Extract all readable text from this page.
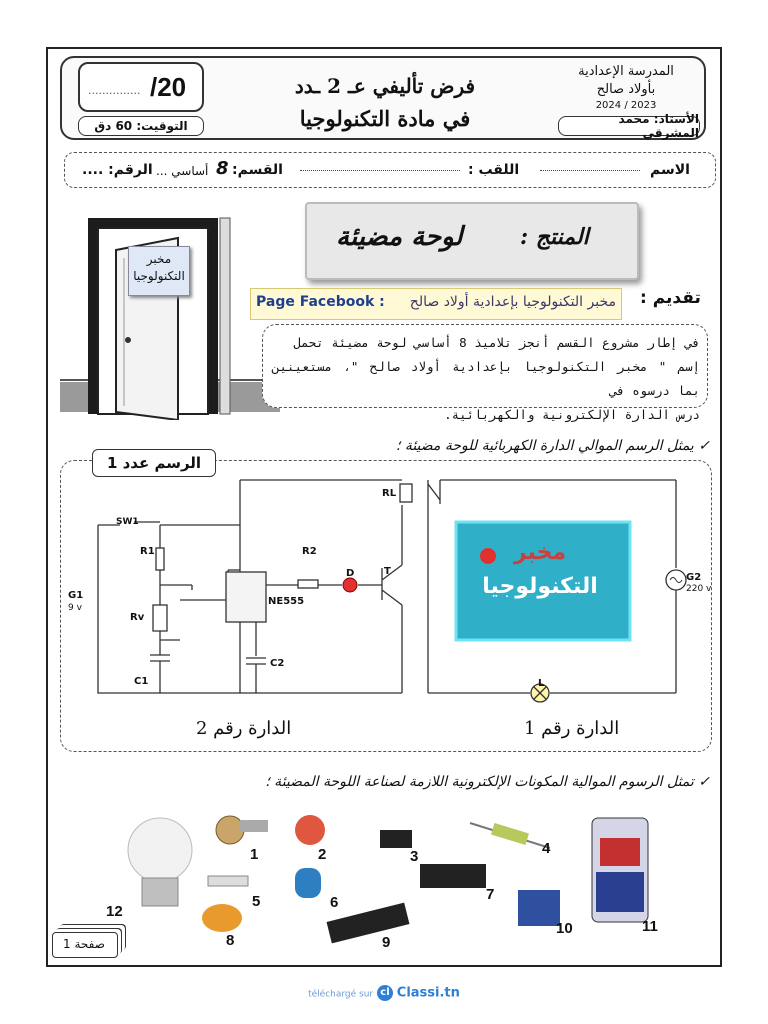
............... /20
التوقيت: 60 دق
فرض تأليفي عـ 2 ـدد
في مادة التكنولوجيا
المدرسة الإعدادية
بأولاد صالح
2024 / 2023
الأستاذ: محمد المشرقي
الاسم
اللقب :
القسم:
8
أساسي ...
الرقم: ....
مخبر التكنولوجيا
المنتج :
لوحة مضيئة
تقديم :
Page Facebook :	مخبر التكنولوجيا بإعدادية أولاد صالح
في إطار مشروع القسم أنجز تلاميذ 8 أساسي لوحة مضيئة تحمل
إسم " مخبر التكنولوجيا بإعدادية أولاد صالح "، مستعينين بما درسوه في
درس الدارة الإلكترونية والكهربائية.
✓ يمثل الرسم الموالي الدارة الكهربائية للوحة مضيئة ؛
الرسم عدد 1
مخبر
التكنولوجيا
SW1
R1
G1
9 v
Rv
C1
C2
NE555
R2
D	T
RL
G2
220 v
L
الدارة رقم 2	الدارة رقم 1
✓ تمثل الرسوم الموالية المكونات الإلكترونية اللازمة لصناعة اللوحة المضيئة ؛
1	2	3	4
5	6	7
8	9
10	11
12
صفحة 1
téléchargé sur cl Classi.tn
